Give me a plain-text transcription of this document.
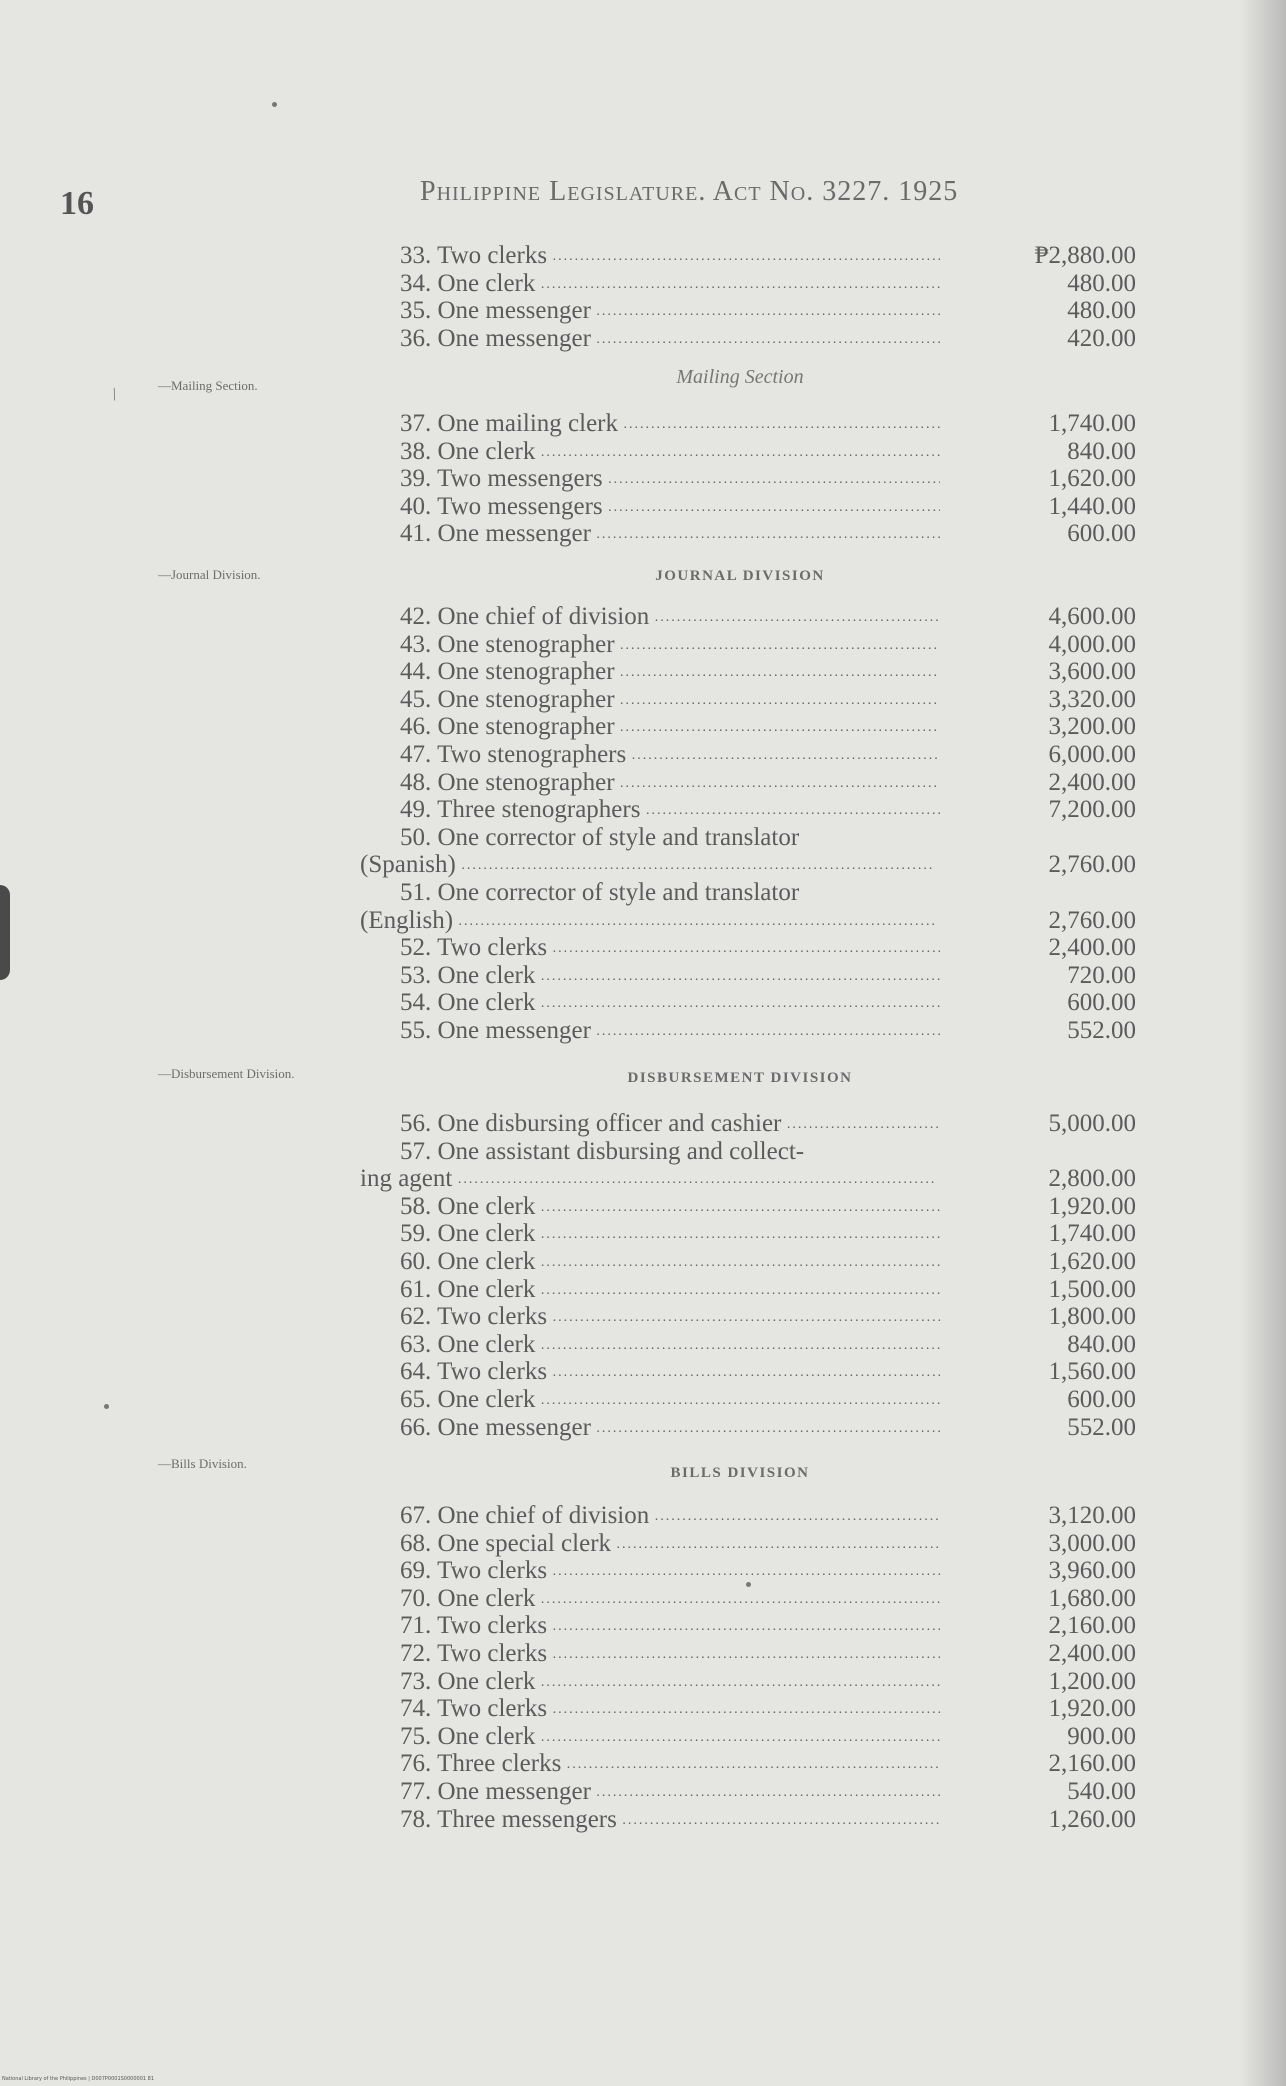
16	Philippine Legislature. Act No. 3227. 1925
/	—Mailing Section.
—Journal Division.
—Disbursement Division.
—Bills Division.
33. Two clerks .....	₱2,880.00
34. One clerk .....	480.00
35. One messenger .....	480.00
36. One messenger .....	420.00
Mailing Section
37. One mailing clerk .....	1,740.00
38. One clerk .....	840.00
39. Two messengers .....	1,620.00
40. Two messengers .....	1,440.00
41. One messenger .....	600.00
JOURNAL DIVISION
42. One chief of division .....	4,600.00
43. One stenographer .....	4,000.00
44. One stenographer .....	3,600.00
45. One stenographer .....	3,320.00
46. One stenographer .....	3,200.00
47. Two stenographers .....	6,000.00
48. One stenographer .....	2,400.00
49. Three stenographers .....	7,200.00
50. One corrector of style and translator
(Spanish) .....	2,760.00
51. One corrector of style and translator
(English) .....	2,760.00
52. Two clerks .....	2,400.00
53. One clerk .....	720.00
54. One clerk .....	600.00
55. One messenger .....	552.00
DISBURSEMENT DIVISION
56. One disbursing officer and cashier .....	5,000.00
57. One assistant disbursing and collect-
ing agent .....	2,800.00
58. One clerk .....	1,920.00
59. One clerk .....	1,740.00
60. One clerk .....	1,620.00
61. One clerk .....	1,500.00
62. Two clerks .....	1,800.00
63. One clerk .....	840.00
64. Two clerks .....	1,560.00
65. One clerk .....	600.00
66. One messenger .....	552.00
BILLS DIVISION
67. One chief of division .....	3,120.00
68. One special clerk .....	3,000.00
69. Two clerks .....	3,960.00
70. One clerk .....	1,680.00
71. Two clerks .....	2,160.00
72. Two clerks .....	2,400.00
73. One clerk .....	1,200.00
74. Two clerks .....	1,920.00
75. One clerk .....	900.00
76. Three clerks .....	2,160.00
77. One messenger .....	540.00
78. Three messengers .....	1,260.00
National Library of the Philippines | D007P0001S0000001 81
